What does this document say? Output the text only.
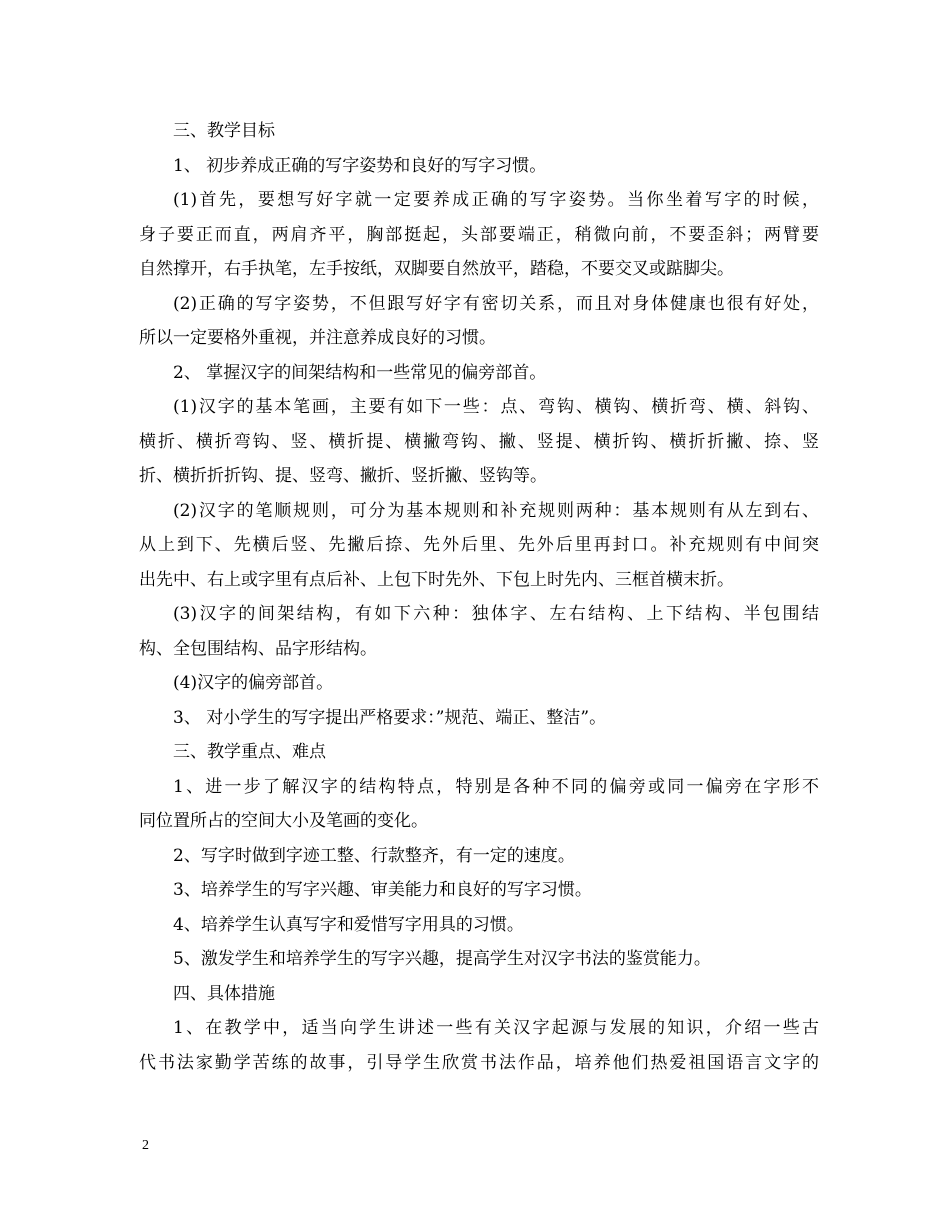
三、教学目标
1、 初步养成正确的写字姿势和良好的写字习惯。
(1)首先，要想写好字就一定要养成正确的写字姿势。当你坐着写字的时候，
身子要正而直，两肩齐平，胸部挺起，头部要端正，稍微向前，不要歪斜；两臂要
自然撑开，右手执笔，左手按纸，双脚要自然放平，踏稳，不要交叉或踮脚尖。
(2)正确的写字姿势，不但跟写好字有密切关系，而且对身体健康也很有好处，
所以一定要格外重视，并注意养成良好的习惯。
2、 掌握汉字的间架结构和一些常见的偏旁部首。
(1)汉字的基本笔画，主要有如下一些：点、弯钩、横钩、横折弯、横、斜钩、
横折、横折弯钩、竖、横折提、横撇弯钩、撇、竖提、横折钩、横折折撇、捺、竖
折、横折折折钩、提、竖弯、撇折、竖折撇、竖钩等。
(2)汉字的笔顺规则，可分为基本规则和补充规则两种：基本规则有从左到右、
从上到下、先横后竖、先撇后捺、先外后里、先外后里再封口。补充规则有中间突
出先中、右上或字里有点后补、上包下时先外、下包上时先内、三框首横末折。
(3)汉字的间架结构，有如下六种：独体字、左右结构、上下结构、半包围结
构、全包围结构、品字形结构。
(4)汉字的偏旁部首。
3、 对小学生的写字提出严格要求：”规范、端正、整洁”。
三、教学重点、难点
1、进一步了解汉字的结构特点，特别是各种不同的偏旁或同一偏旁在字形不
同位置所占的空间大小及笔画的变化。
2、写字时做到字迹工整、行款整齐，有一定的速度。
3、培养学生的写字兴趣、审美能力和良好的写字习惯。
4、培养学生认真写字和爱惜写字用具的习惯。
5、激发学生和培养学生的写字兴趣，提高学生对汉字书法的鉴赏能力。
四、具体措施
1、在教学中，适当向学生讲述一些有关汉字起源与发展的知识，介绍一些古
代书法家勤学苦练的故事，引导学生欣赏书法作品，培养他们热爱祖国语言文字的
2
